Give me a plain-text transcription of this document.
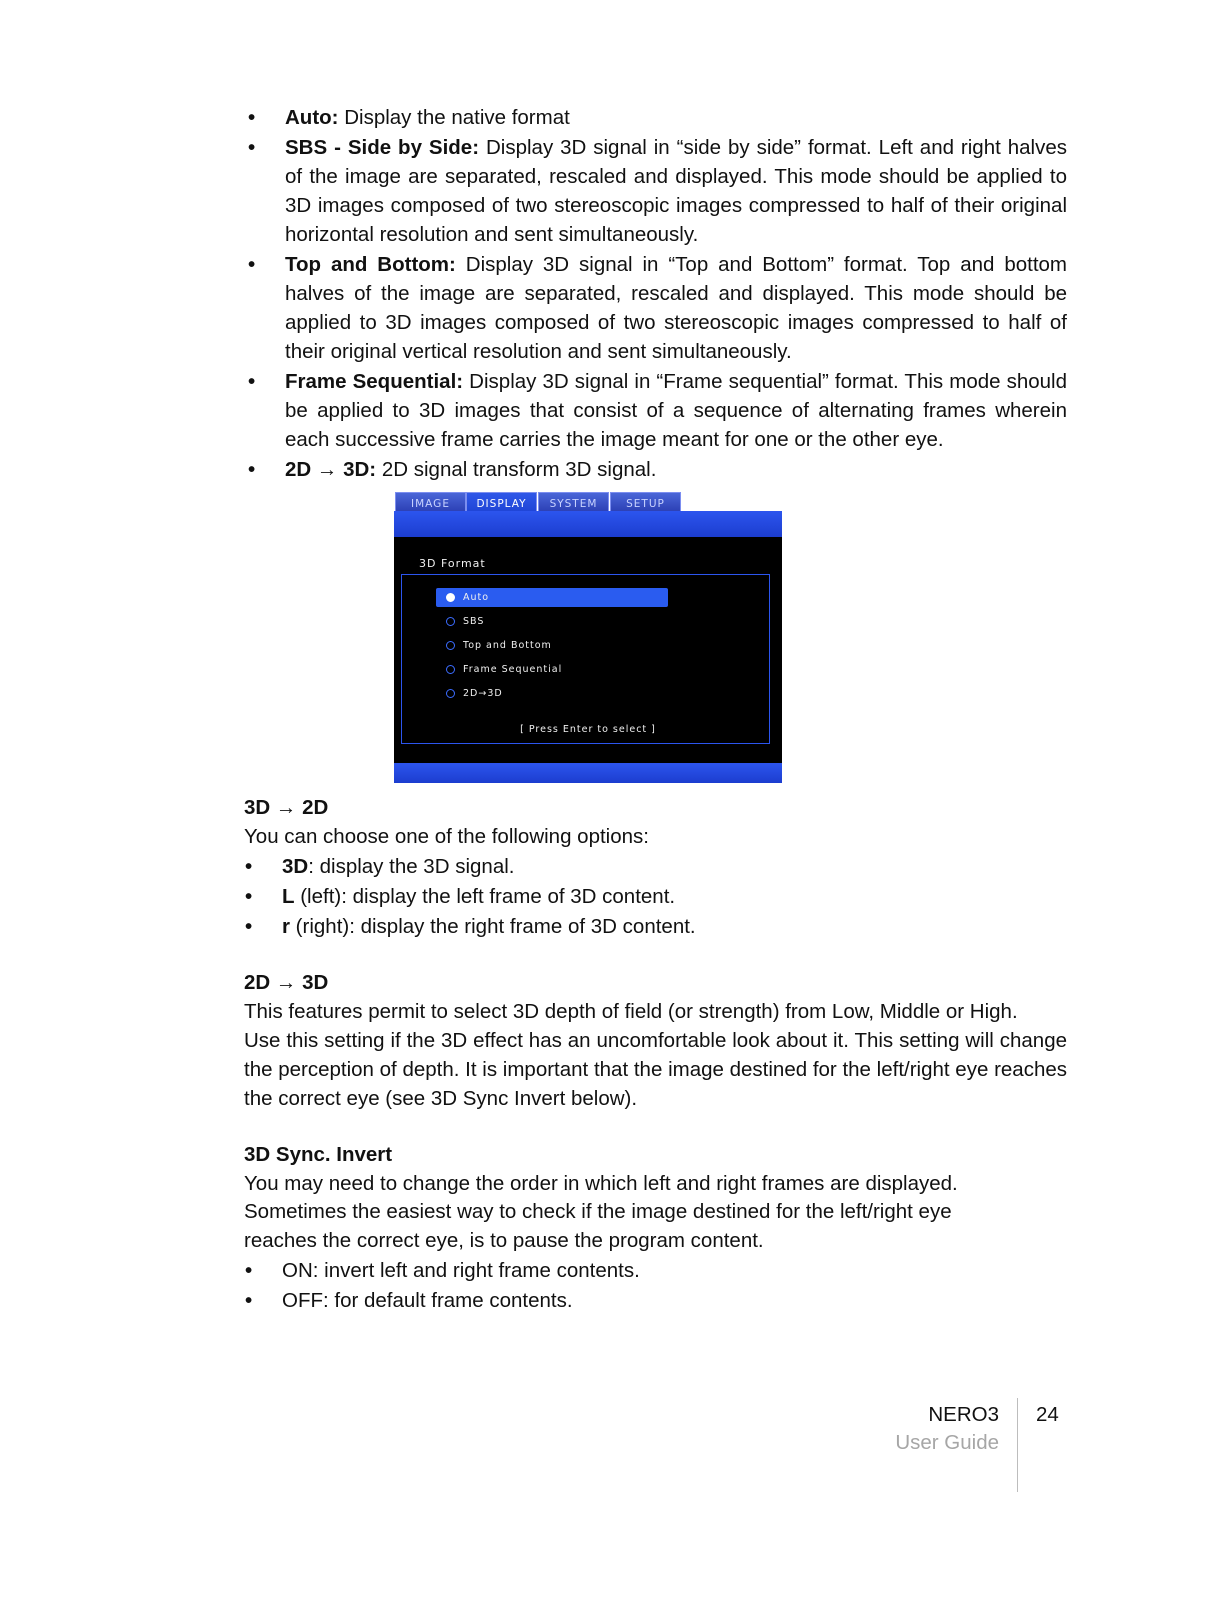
• Auto: Display the native format
• SBS - Side by Side: Display 3D signal in “side by side” format. Left and right halves of the image are separated, rescaled and displayed. This mode should be applied to 3D images composed of two stereoscopic images compressed to half of their original horizontal resolution and sent simultaneously.
• Top and Bottom: Display 3D signal in “Top and Bottom” format. Top and bottom halves of the image are separated, rescaled and displayed. This mode should be applied to 3D images composed of two stereoscopic images compressed to half of their original vertical resolution and sent simultaneously.
• Frame Sequential: Display 3D signal in “Frame sequential” format. This mode should be applied to 3D images that consist of a sequence of alternating frames wherein each successive frame carries the image meant for one or the other eye.
• 2D → 3D: 2D signal transform 3D signal.
IMAGE	DISPLAY	SYSTEM	SETUP
3D Format
Auto
SBS
Top and Bottom
Frame Sequential
2D→3D
[ Press Enter to select ]
3D → 2D
You can choose one of the following options:
• 3D: display the 3D signal.
• L (left): display the left frame of 3D content.
• r (right): display the right frame of 3D content.
2D → 3D
This features permit to select 3D depth of field (or strength) from Low, Middle or High.
Use this setting if the 3D effect has an uncomfortable look about it. This setting will change the perception of depth. It is important that the image destined for the left/right eye reaches the correct eye (see 3D Sync Invert below).
3D Sync. Invert
You may need to change the order in which left and right frames are displayed.
Sometimes the easiest way to check if the image destined for the left/right eye
reaches the correct eye, is to pause the program content.
• ON: invert left and right frame contents.
• OFF: for default frame contents.
NERO3
User Guide
24
